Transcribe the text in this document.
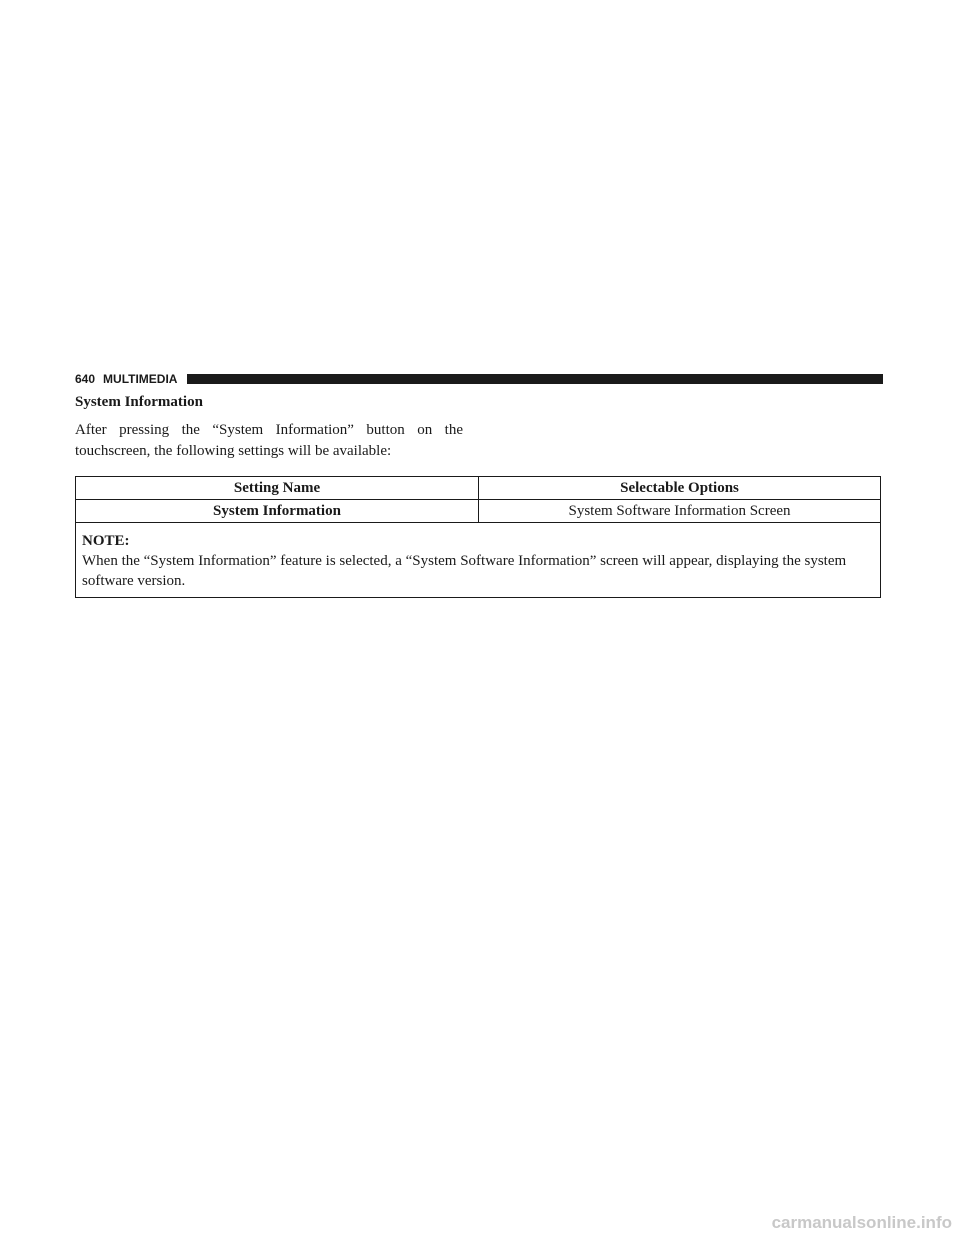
640 MULTIMEDIA
System Information

After pressing the “System Information” button on the touchscreen, the following settings will be available:

Setting Name	Selectable Options
System Information	System Software Information Screen

NOTE:
When the “System Information” feature is selected, a “System Software Information” screen will appear, displaying the system software version.	
carmanualsonline.info
